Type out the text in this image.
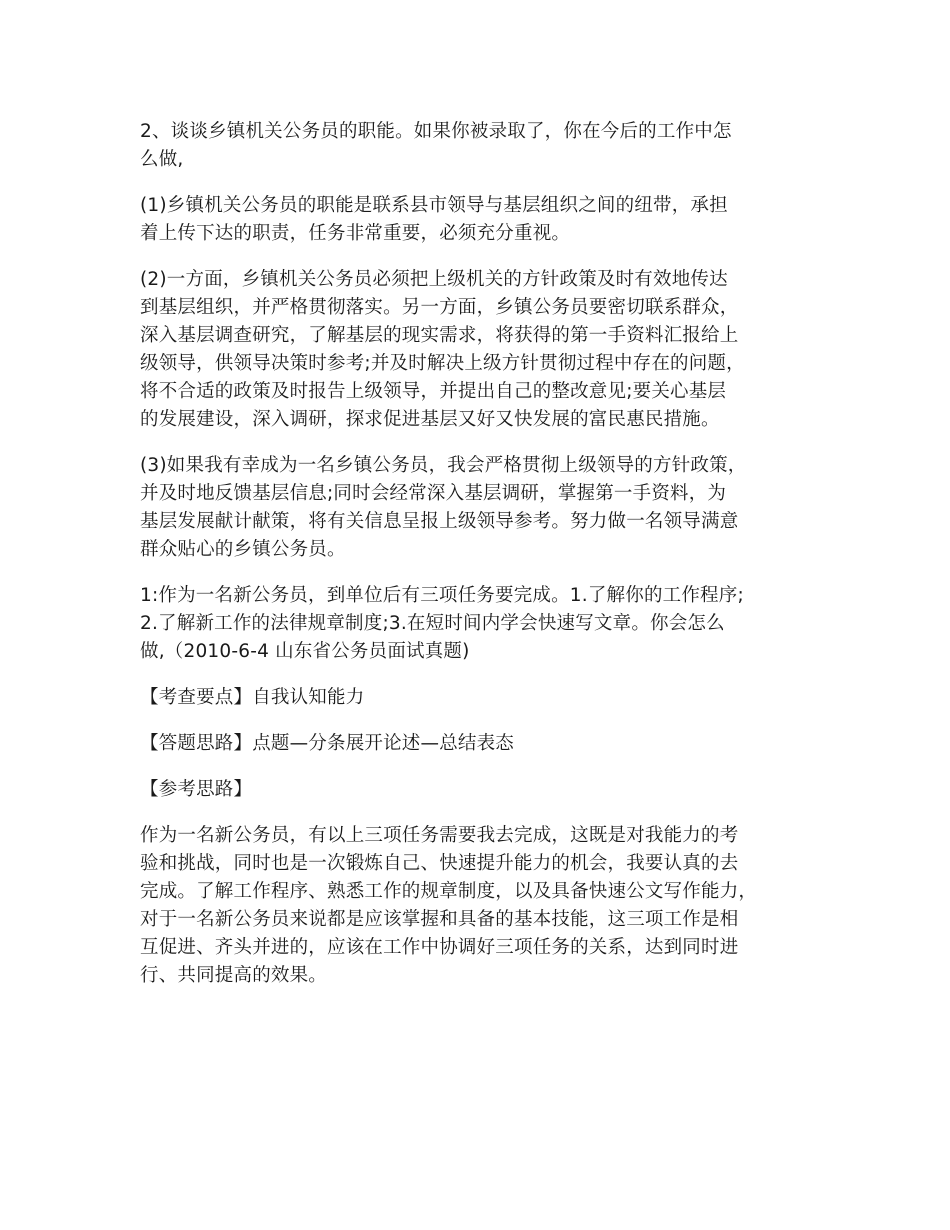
2、谈谈乡镇机关公务员的职能。如果你被录取了，你在今后的工作中怎
么做,

(1)乡镇机关公务员的职能是联系县市领导与基层组织之间的纽带，承担
着上传下达的职责，任务非常重要，必须充分重视。

(2)一方面，乡镇机关公务员必须把上级机关的方针政策及时有效地传达
到基层组织，并严格贯彻落实。另一方面，乡镇公务员要密切联系群众，
深入基层调查研究，了解基层的现实需求，将获得的第一手资料汇报给上
级领导，供领导决策时参考;并及时解决上级方针贯彻过程中存在的问题，
将不合适的政策及时报告上级领导，并提出自己的整改意见;要关心基层
的发展建设，深入调研，探求促进基层又好又快发展的富民惠民措施。

(3)如果我有幸成为一名乡镇公务员，我会严格贯彻上级领导的方针政策，
并及时地反馈基层信息;同时会经常深入基层调研，掌握第一手资料，为
基层发展献计献策，将有关信息呈报上级领导参考。努力做一名领导满意
群众贴心的乡镇公务员。

1:作为一名新公务员，到单位后有三项任务要完成。1.了解你的工作程序;
2.了解新工作的法律规章制度;3.在短时间内学会快速写文章。你会怎么
做,（2010-6-4 山东省公务员面试真题)

【考查要点】自我认知能力

【答题思路】点题—分条展开论述—总结表态

【参考思路】

作为一名新公务员，有以上三项任务需要我去完成，这既是对我能力的考
验和挑战，同时也是一次锻炼自己、快速提升能力的机会，我要认真的去
完成。了解工作程序、熟悉工作的规章制度，以及具备快速公文写作能力，
对于一名新公务员来说都是应该掌握和具备的基本技能，这三项工作是相
互促进、齐头并进的，应该在工作中协调好三项任务的关系，达到同时进
行、共同提高的效果。
